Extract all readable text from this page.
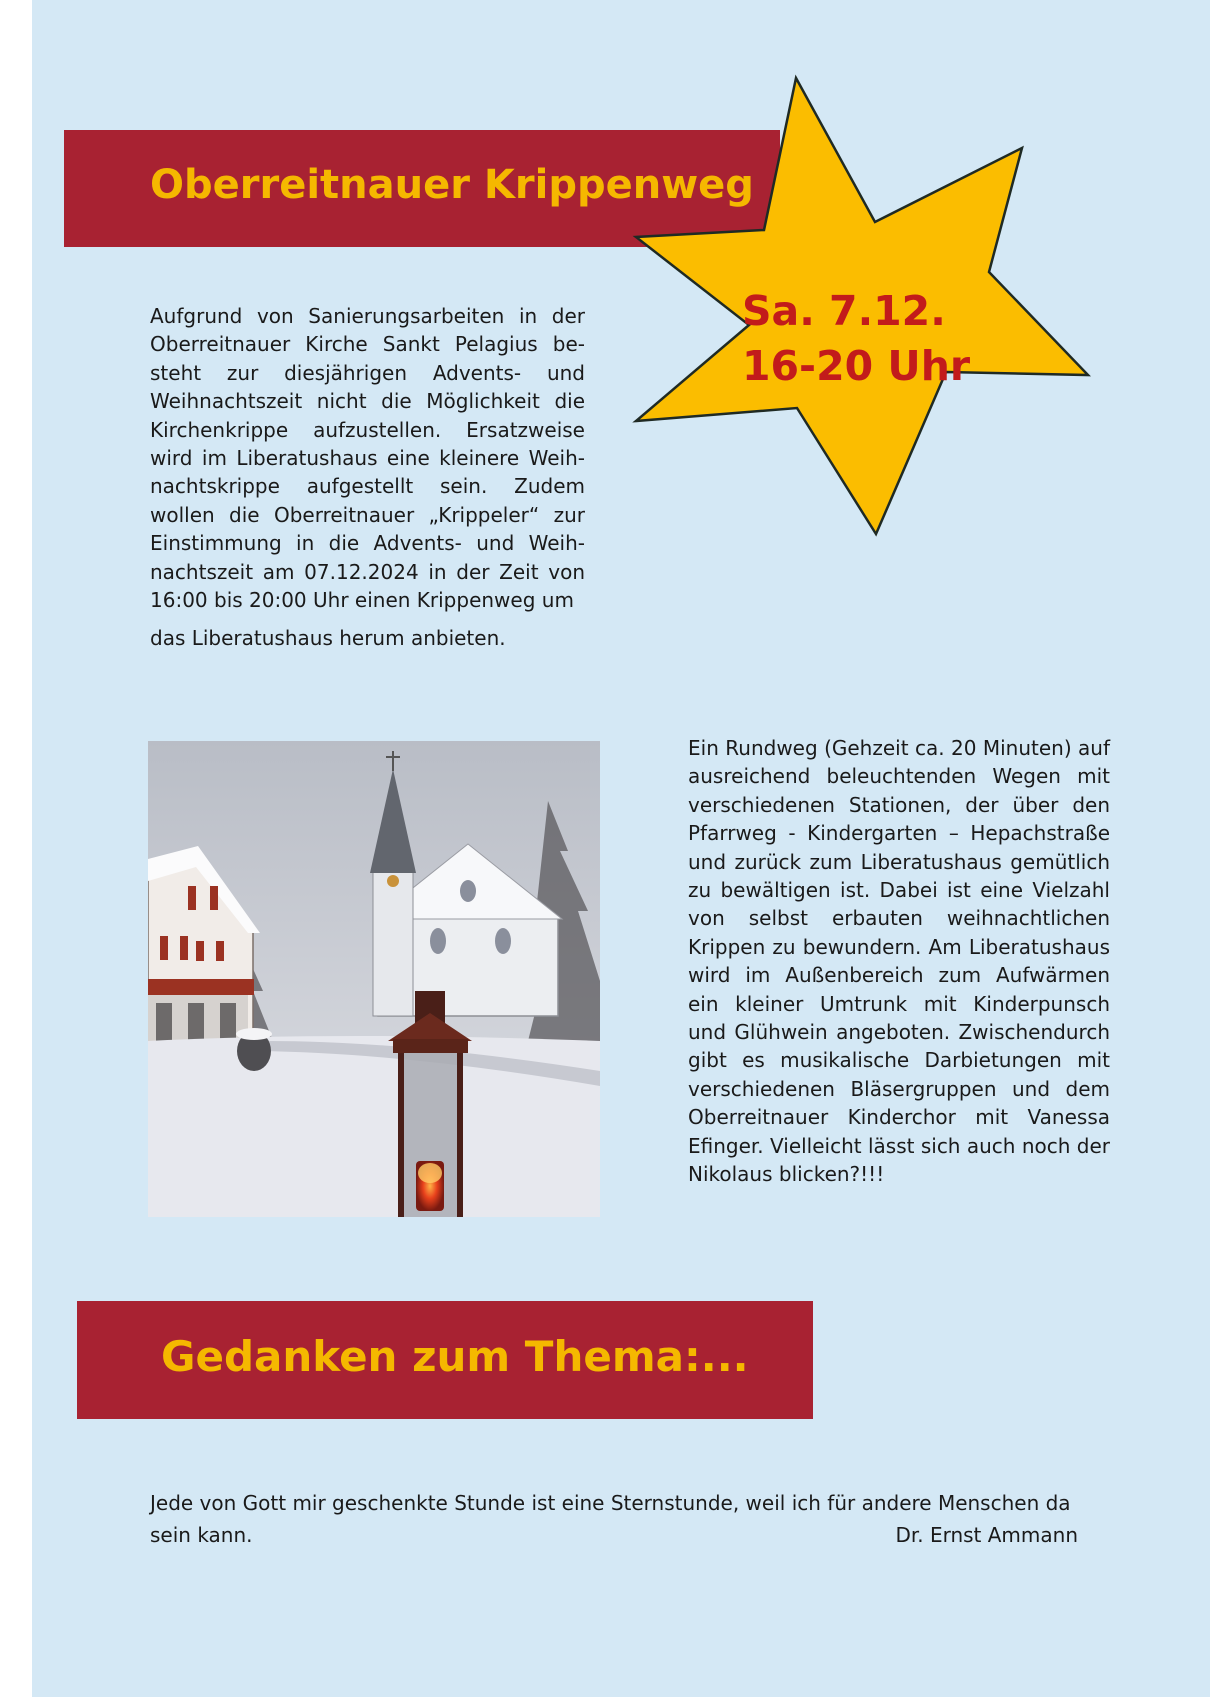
Oberreitnauer Krippenweg
Sa. 7.12.
16-20 Uhr
Aufgrund von Sanierungsarbeiten in der Oberreitnauer Kirche Sankt Pelagius be-steht zur diesjährigen Advents- und Weihnachtszeit nicht die Möglichkeit die Kirchenkrippe aufzustellen. Ersatzweise wird im Liberatushaus eine kleinere Weih-nachtskrippe aufgestellt sein. Zudem wollen die Oberreitnauer „Krippeler“ zur Einstimmung in die Advents- und Weih-nachtszeit am 07.12.2024 in der Zeit von 16:00 bis 20:00 Uhr einen Krippenweg um
das Liberatushaus herum anbieten.
Ein Rundweg (Gehzeit ca. 20 Minuten) auf ausreichend beleuchtenden Wegen mit verschiedenen Stationen, der über den Pfarrweg - Kindergarten – Hepachstraße und zurück zum Liberatushaus gemütlich zu bewältigen ist. Dabei ist eine Vielzahl von selbst erbauten weihnachtlichen Krippen zu bewundern. Am Liberatushaus wird im Außenbereich zum Aufwärmen ein kleiner Umtrunk mit Kinderpunsch und Glühwein angeboten. Zwischendurch gibt es musikalische Darbietungen mit verschiedenen Bläsergruppen und dem Oberreitnauer Kinderchor mit Vanessa Efinger. Vielleicht lässt sich auch noch der Nikolaus blicken?!!!
Gedanken zum Thema:...
Jede von Gott mir geschenkte Stunde ist eine Sternstunde, weil ich für andere Menschen da sein kann.	Dr. Ernst Ammann
